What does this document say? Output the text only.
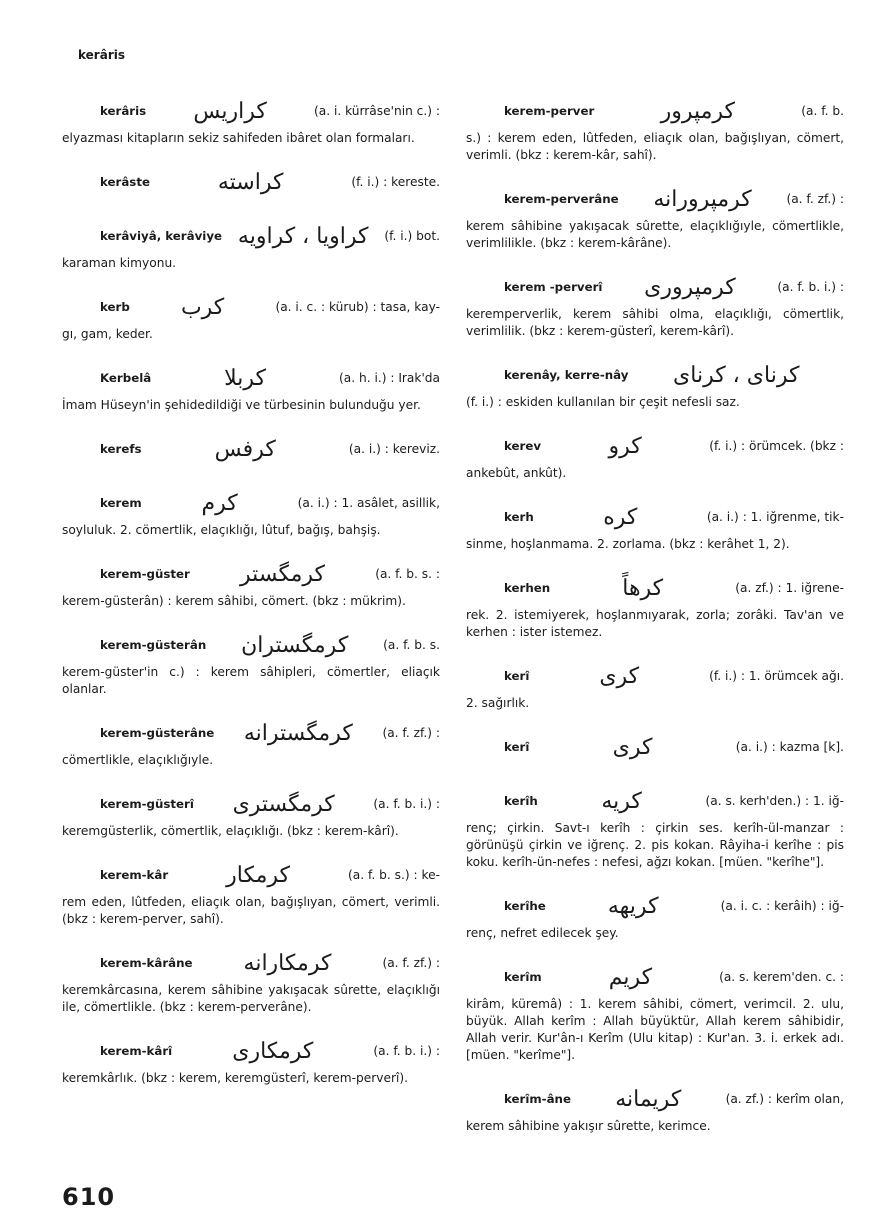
kerâris
kerâris	كراريس	(a. i. kürrâse'nin c.) :
elyazması kitapların sekiz sahifeden ibâret olan formaları.
kerâste	كراسته	(f. i.) : kereste.
kerâviyâ, kerâviye كراويا ، كراويه	(f. i.) bot.
karaman kimyonu.
kerb	كرب	(a. i. c. : kürub) : tasa, kay-
gı, gam, keder.
Kerbelâ	كربلا	(a. h. i.) : Irak'da
İmam Hüseyn'in şehidedildiği ve türbesinin bulunduğu yer.
kerefs	كرفس	(a. i.) : kereviz.
kerem	كرم	(a. i.) : 1. asâlet, asillik,
soyluluk. 2. cömertlik, elaçıklığı, lûtuf, bağış, bahşiş.
kerem-güster	كرمگستر	(a. f. b. s. :
kerem-güsterân) : kerem sâhibi, cömert. (bkz : mükrim).
kerem-güsterân	كرمگستران	(a. f. b. s.
kerem-güster'in c.) : kerem sâhipleri, cömertler, eliaçık olanlar.
kerem-güsterâne	كرمگسترانه	(a. f. zf.) :
cömertlikle, elaçıklığıyle.
kerem-güsterî	كرمگسترى	(a. f. b. i.) :
keremgüsterlik, cömertlik, elaçıklığı. (bkz : kerem-kârî).
kerem-kâr	كرمكار	(a. f. b. s.) : ke-
rem eden, lûtfeden, eliaçık olan, bağışlıyan, cömert, verimli. (bkz : kerem-perver, sahî).
kerem-kârâne	كرمكارانه	(a. f. zf.) :
keremkârcasına, kerem sâhibine yakışacak sûrette, elaçıklığı ile, cömertlikle. (bkz : kerem-perverâne).
kerem-kârî	كرمكارى	(a. f. b. i.) :
keremkârlık. (bkz : kerem, keremgüsterî, kerem-perverî).
kerem-perver	كرمپرور	(a. f. b.
s.) : kerem eden, lûtfeden, eliaçık olan, bağışlıyan, cömert, verimli. (bkz : kerem-kâr, sahî).
kerem-perverâne	كرمپرورانه	(a. f. zf.) :
kerem sâhibine yakışacak sûrette, elaçıklığıyle, cömertlikle, verimlilikle. (bkz : kerem-kârâne).
kerem -perverî	كرمپرورى	(a. f. b. i.) :
keremperverlik, kerem sâhibi olma, elaçıklığı, cömertlik, verimlilik. (bkz : kerem-güsterî, kerem-kârî).
kerenây, kerre-nây	كرناى ، كرناى
(f. i.) : eskiden kullanılan bir çeşit nefesli saz.
kerev	كرو	(f. i.) : örümcek. (bkz :
ankebût, ankût).
kerh	كره	(a. i.) : 1. iğrenme, tik-
sinme, hoşlanmama. 2. zorlama. (bkz : kerâhet 1, 2).
kerhen	كرهاً	(a. zf.) : 1. iğrene-
rek. 2. istemiyerek, hoşlanmıyarak, zorla; zorâki. Tav'an ve kerhen : ister istemez.
kerî	كرى	(f. i.) : 1. örümcek ağı.
2. sağırlık.
kerî	كرى	(a. i.) : kazma [k].
kerîh	كريه	(a. s. kerh'den.) : 1. iğ-
renç; çirkin. Savt-ı kerîh : çirkin ses. kerîh-ül-manzar : görünüşü çirkin ve iğrenç. 2. pis kokan. Râyiha-i kerîhe : pis koku. kerîh-ün-nefes : nefesi, ağzı kokan. [müen. "kerîhe"].
kerîhe	كريهه	(a. i. c. : kerâih) : iğ-
renç, nefret edilecek şey.
kerîm	كريم	(a. s. kerem'den. c. :
kirâm, küremâ) : 1. kerem sâhibi, cömert, verimcil. 2. ulu, büyük. Allah kerîm : Allah büyüktür, Allah kerem sâhibidir, Allah verir. Kur'ân-ı Kerîm (Ulu kitap) : Kur'an. 3. i. erkek adı. [müen. "kerîme"].
kerîm-âne	كريمانه	(a. zf.) : kerîm olan,
kerem sâhibine yakışır sûrette, kerimce.
610
